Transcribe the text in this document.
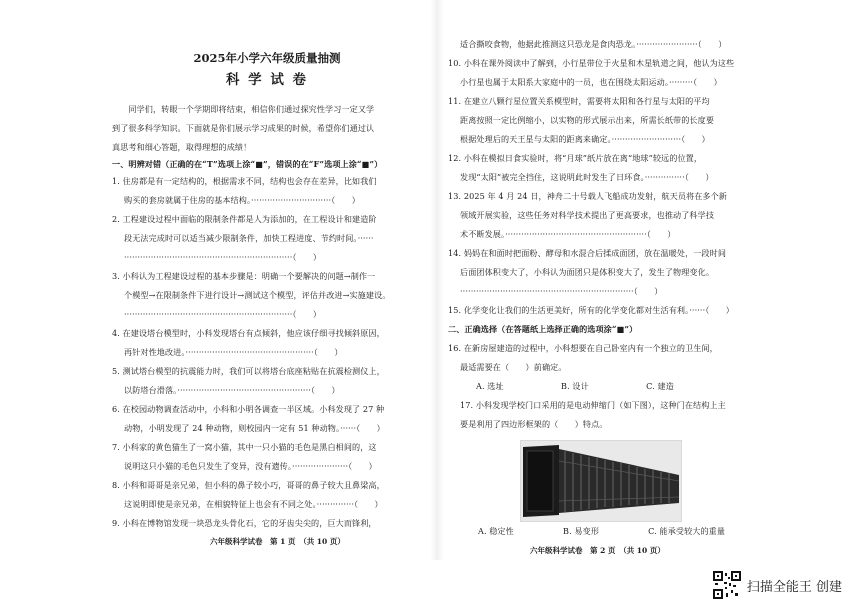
2025年小学六年级质量抽测
科 学 试 卷
　　同学们，转眼一个学期即将结束，相信你们通过探究性学习一定又学
到了很多科学知识。下面就是你们展示学习成果的时候，希望你们通过认
真思考和细心答题，取得理想的成绩！
一、明辨对错（正确的在“T”选项上涂“■”，错误的在“F”选项上涂“■”）
1. 住房都是有一定结构的，根据需求不同，结构也会存在差异，比如我们
购买的套房就属于住房的基本结构。······························（　　）
2. 工程建设过程中面临的限制条件都是人为添加的，在工程设计和建造阶
段无法完成时可以适当减少限制条件，加快工程进度、节约时间。······
·······························································（　　）
3. 小科认为工程建设过程的基本步骤是：明确一个要解决的问题→制作一
个模型→在限制条件下进行设计→测试这个模型，评估并改进→实施建设。
·······························································（　　）
4. 在建设塔台模型时，小科发现塔台有点倾斜，他应该仔细寻找倾斜原因，
再针对性地改进。················································（　　）
5. 测试塔台模型的抗震能力时，我们可以将塔台底座粘贴在抗震检测仪上，
以防塔台滑落。··················································（　　）
6. 在校园动物调查活动中，小科和小明各调查一半区域。小科发现了 27 种
动物，小明发现了 24 种动物，则校园内一定有 51 种动物。······（　　）
7. 小科家的黄色猫生了一窝小猫，其中一只小猫的毛色是黑白相间的，这
说明这只小猫的毛色只发生了变异，没有遗传。·····················（　　）
8. 小科和哥哥是亲兄弟，但小科的鼻子较小巧，哥哥的鼻子较大且鼻梁高，
这说明即使是亲兄弟，在相貌特征上也会有不同之处。··············（　　）
9. 小科在博物馆发现一块恐龙头骨化石，它的牙齿尖尖的，巨大而锋利，
六年级科学试卷　第 1 页　（共 10 页）
适合撕咬食物，他据此推测这只恐龙是食肉恐龙。·······················（　　）
10. 小科在课外阅读中了解到，小行星带位于火星和木星轨道之间，他认为这些
小行星也属于太阳系大家庭中的一员，也在围绕太阳运动。·········（　　）
11. 在建立八颗行星位置关系模型时，需要将太阳和各行星与太阳的平均
距离按照一定比例缩小，以实物的形式展示出来，所需长纸带的长度要
根据处理后的天王星与太阳的距离来确定。··························（　　）
12. 小科在模拟日食实验时，将“月球”纸片放在离“地球”较远的位置，
发现“太阳”被完全挡住，这说明此时发生了日环食。···············（　　）
13. 2025 年 4 月 24 日，神舟二十号载人飞船成功发射，航天员将在多个新
领域开展实验，这些任务对科学技术提出了更高要求，也推动了科学技
术不断发展。·····················································（　　）
14. 妈妈在和面时把面粉、酵母和水混合后揉成面团，放在温暖处，一段时间
后面团体积变大了，小科认为面团只是体积变大了，发生了物理变化。
·································································（　　）
15. 化学变化让我们的生活更美好，所有的化学变化都对生活有利。······（　　）
二、正确选择（在答题纸上选择正确的选项涂“■”）
16. 在新房屋建造的过程中，小科想要在自己卧室内有一个独立的卫生间，
最适需要在（　　）前确定。
A. 选址　　　　　　　B. 设计　　　　　　　C. 建造
17. 小科发现学校门口采用的是电动伸缩门（如下图），这种门在结构上主
要是利用了四边形框架的（　　）特点。
A. 稳定性　　　　　　B. 易变形　　　　　　C. 能承受较大的重量
六年级科学试卷　第 2 页　（共 10 页）
扫描全能王 创建
